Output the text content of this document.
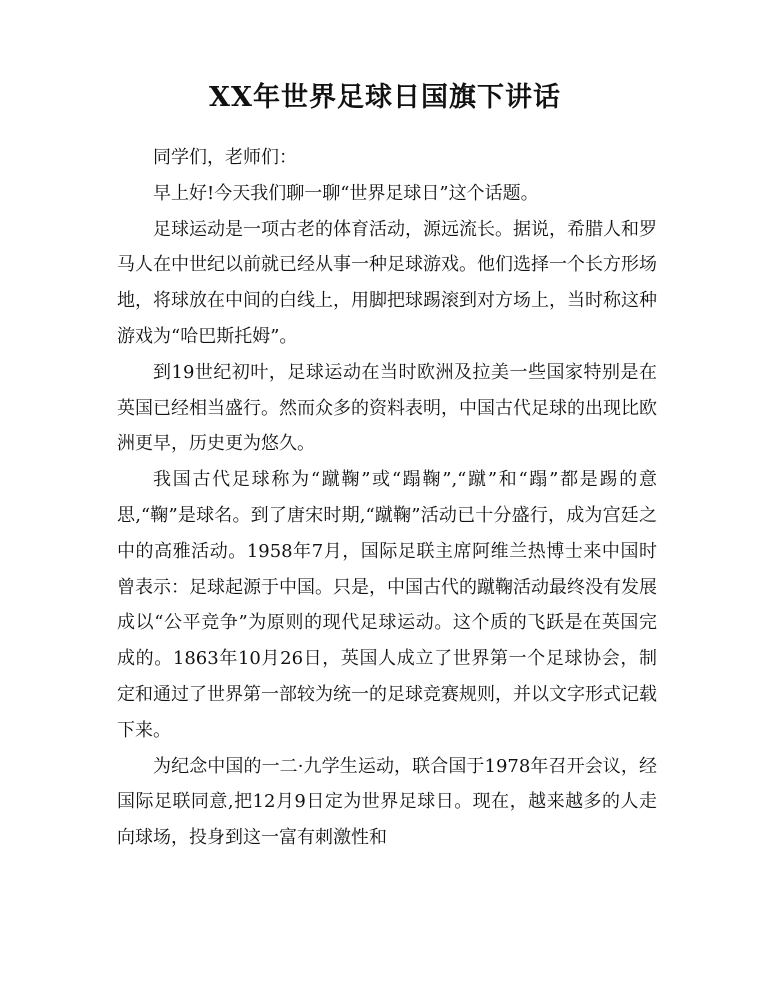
XX年世界足球日国旗下讲话

同学们，老师们：

早上好!今天我们聊一聊“世界足球日”这个话题。

足球运动是一项古老的体育活动，源远流长。据说，希腊人和罗马人在中世纪以前就已经从事一种足球游戏。他们选择一个长方形场地，将球放在中间的白线上，用脚把球踢滚到对方场上，当时称这种游戏为“哈巴斯托姆”。

到19世纪初叶，足球运动在当时欧洲及拉美一些国家特别是在英国已经相当盛行。然而众多的资料表明，中国古代足球的出现比欧洲更早，历史更为悠久。

我国古代足球称为“蹴鞠”或“蹋鞠”,“蹴”和“蹋”都是踢的意思,“鞠”是球名。到了唐宋时期,“蹴鞠”活动已十分盛行，成为宫廷之中的高雅活动。1958年7月，国际足联主席阿维兰热博士来中国时曾表示：足球起源于中国。只是，中国古代的蹴鞠活动最终没有发展成以“公平竞争”为原则的现代足球运动。这个质的飞跃是在英国完成的。1863年10月26日，英国人成立了世界第一个足球协会，制定和通过了世界第一部较为统一的足球竞赛规则，并以文字形式记载下来。

为纪念中国的一二·九学生运动，联合国于1978年召开会议，经国际足联同意,把12月9日定为世界足球日。现在，越来越多的人走向球场，投身到这一富有刺激性和
